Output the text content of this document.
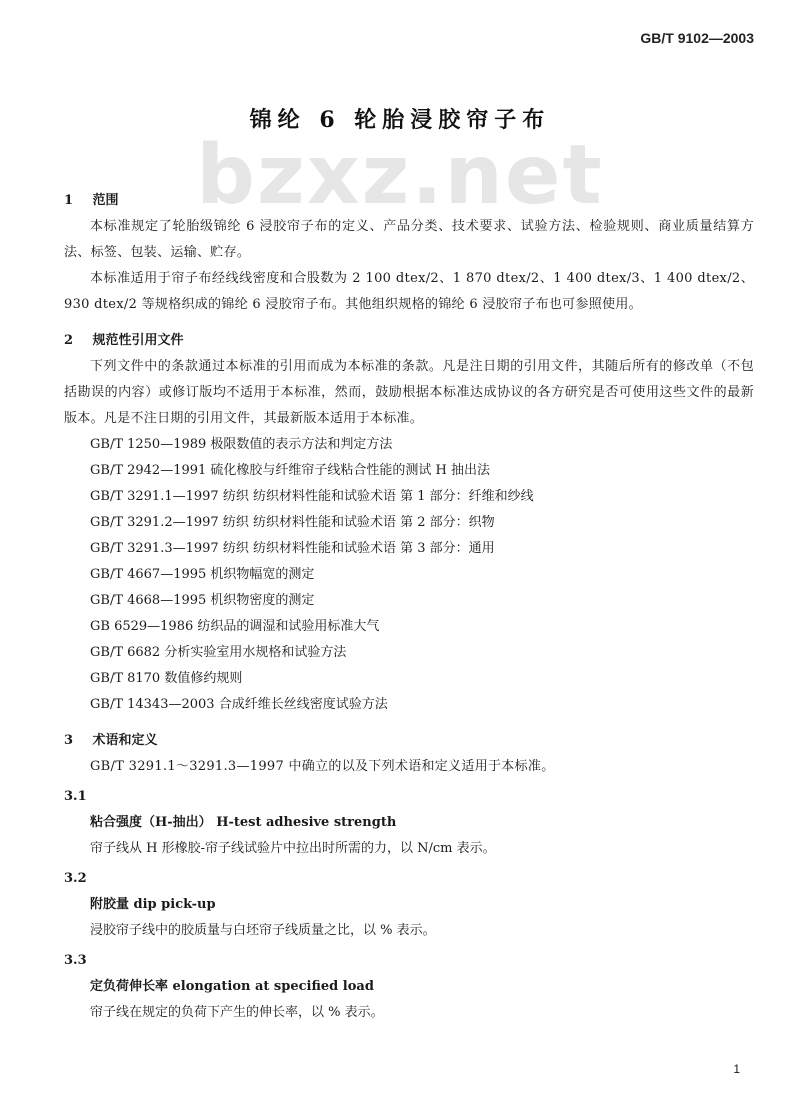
GB/T 9102—2003
bzxz.net
锦纶 6 轮胎浸胶帘子布
1 范围
本标准规定了轮胎级锦纶 6 浸胶帘子布的定义、产品分类、技术要求、试验方法、检验规则、商业质量结算方法、标签、包装、运输、贮存。
本标准适用于帘子布经线线密度和合股数为 2 100 dtex/2、1 870 dtex/2、1 400 dtex/3、1 400 dtex/2、930 dtex/2 等规格织成的锦纶 6 浸胶帘子布。其他组织规格的锦纶 6 浸胶帘子布也可参照使用。
2 规范性引用文件
下列文件中的条款通过本标准的引用而成为本标准的条款。凡是注日期的引用文件，其随后所有的修改单（不包括勘误的内容）或修订版均不适用于本标准，然而，鼓励根据本标准达成协议的各方研究是否可使用这些文件的最新版本。凡是不注日期的引用文件，其最新版本适用于本标准。
GB/T 1250—1989 极限数值的表示方法和判定方法
GB/T 2942—1991 硫化橡胶与纤维帘子线粘合性能的测试 H 抽出法
GB/T 3291.1—1997 纺织 纺织材料性能和试验术语 第 1 部分：纤维和纱线
GB/T 3291.2—1997 纺织 纺织材料性能和试验术语 第 2 部分：织物
GB/T 3291.3—1997 纺织 纺织材料性能和试验术语 第 3 部分：通用
GB/T 4667—1995 机织物幅宽的测定
GB/T 4668—1995 机织物密度的测定
GB 6529—1986 纺织品的调湿和试验用标准大气
GB/T 6682 分析实验室用水规格和试验方法
GB/T 8170 数值修约规则
GB/T 14343—2003 合成纤维长丝线密度试验方法
3 术语和定义
GB/T 3291.1～3291.3—1997 中确立的以及下列术语和定义适用于本标准。
3.1
粘合强度（H-抽出） H-test adhesive strength
帘子线从 H 形橡胶-帘子线试验片中拉出时所需的力，以 N/cm 表示。
3.2
附胶量 dip pick-up
浸胶帘子线中的胶质量与白坯帘子线质量之比，以 % 表示。
3.3
定负荷伸长率 elongation at specified load
帘子线在规定的负荷下产生的伸长率，以 % 表示。
1
